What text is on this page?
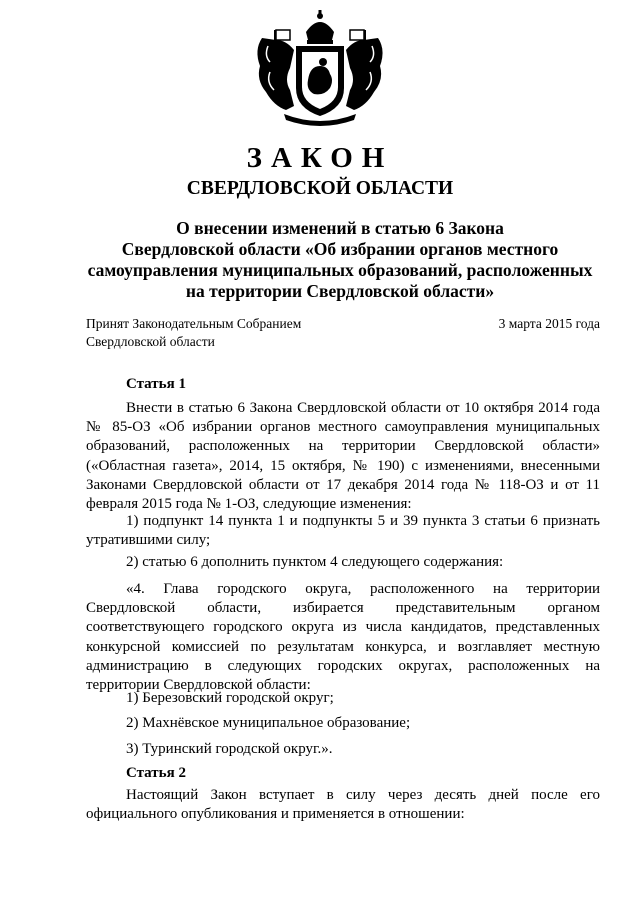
ЗАКОН
СВЕРДЛОВСКОЙ ОБЛАСТИ
О внесении изменений в статью 6 Закона
Свердловской области «Об избрании органов местного
самоуправления муниципальных образований, расположенных
на территории Свердловской области»
Принят Законодательным Собранием
Свердловской области
3 марта 2015 года
Статья 1

Внести в статью 6 Закона Свердловской области от 10 октября 2014 года № 85-ОЗ «Об избрании органов местного самоуправления муниципальных образований, расположенных на территории Свердловской области» («Областная газета», 2014, 15 октября, № 190) с изменениями, внесенными Законами Свердловской области от 17 декабря 2014 года № 118-ОЗ и от 11 февраля 2015 года № 1-ОЗ, следующие изменения:

1) подпункт 14 пункта 1 и подпункты 5 и 39 пункта 3 статьи 6 признать утратившими силу;

2) статью 6 дополнить пунктом 4 следующего содержания:

«4. Глава городского округа, расположенного на территории Свердловской области, избирается представительным органом соответствующего городского округа из числа кандидатов, представленных конкурсной комиссией по результатам конкурса, и возглавляет местную администрацию в следующих городских округах, расположенных на территории Свердловской области:

1) Березовский городской округ;
2) Махнёвское муниципальное образование;
3) Туринский городской округ.».
Статья 2

Настоящий Закон вступает в силу через десять дней после его официального опубликования и применяется в отношении:
